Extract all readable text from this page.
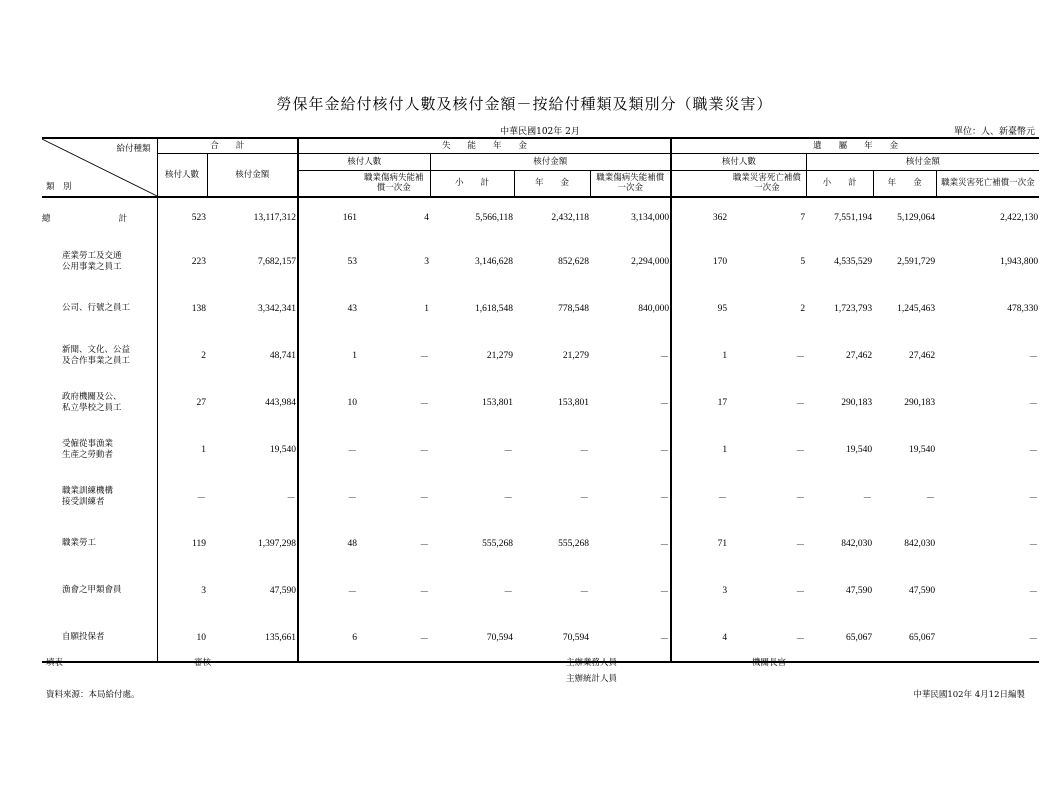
勞保年金給付核付人數及核付金額－按給付種類及類別分（職業災害）
中華民國102年 2月	單位：人、新臺幣元
給付種類
類　別	合　　計		失　　能　　年　　金					遺　　屬　　年　　金				
	核付人數	核付金額	核付人數		核付金額			核付人數		核付金額		
				職業傷病失能補償一次金	小　　計	年　　金	職業傷病失能補償一次金		職業災害死亡補償一次金	小　　計	年　　金	職業災害死亡補償一次金
總　　　　　　　　計	523	13,117,312	161	4	5,566,118	2,432,118	3,134,000	362	7	7,551,194	5,129,064	2,422,130
產業勞工及交通
公用事業之員工	223	7,682,157	53	3	3,146,628	852,628	2,294,000	170	5	4,535,529	2,591,729	1,943,800
公司、行號之員工	138	3,342,341	43	1	1,618,548	778,548	840,000	95	2	1,723,793	1,245,463	478,330
新聞、文化、公益
及合作事業之員工	2	48,741	1	－	21,279	21,279	－	1	－	27,462	27,462	－
政府機關及公、
私立學校之員工	27	443,984	10	－	153,801	153,801	－	17	－	290,183	290,183	－
受僱從事漁業
生產之勞動者	1	19,540	－	－	－	－	－	1	－	19,540	19,540	－
職業訓練機構
接受訓練者	－	－	－	－	－	－	－	－	－	－	－	－
職業勞工	119	1,397,298	48	－	555,268	555,268	－	71	－	842,030	842,030	－
漁會之甲類會員	3	47,590	－	－	－	－	－	3	－	47,590	47,590	－
自願投保者	10	135,661	6	－	70,594	70,594	－	4	－	65,067	65,067	－
填表	審核	主辦業務人員
主辦統計人員
機關長官
資料來源：本局給付處。	中華民國102年 4月12日編製
